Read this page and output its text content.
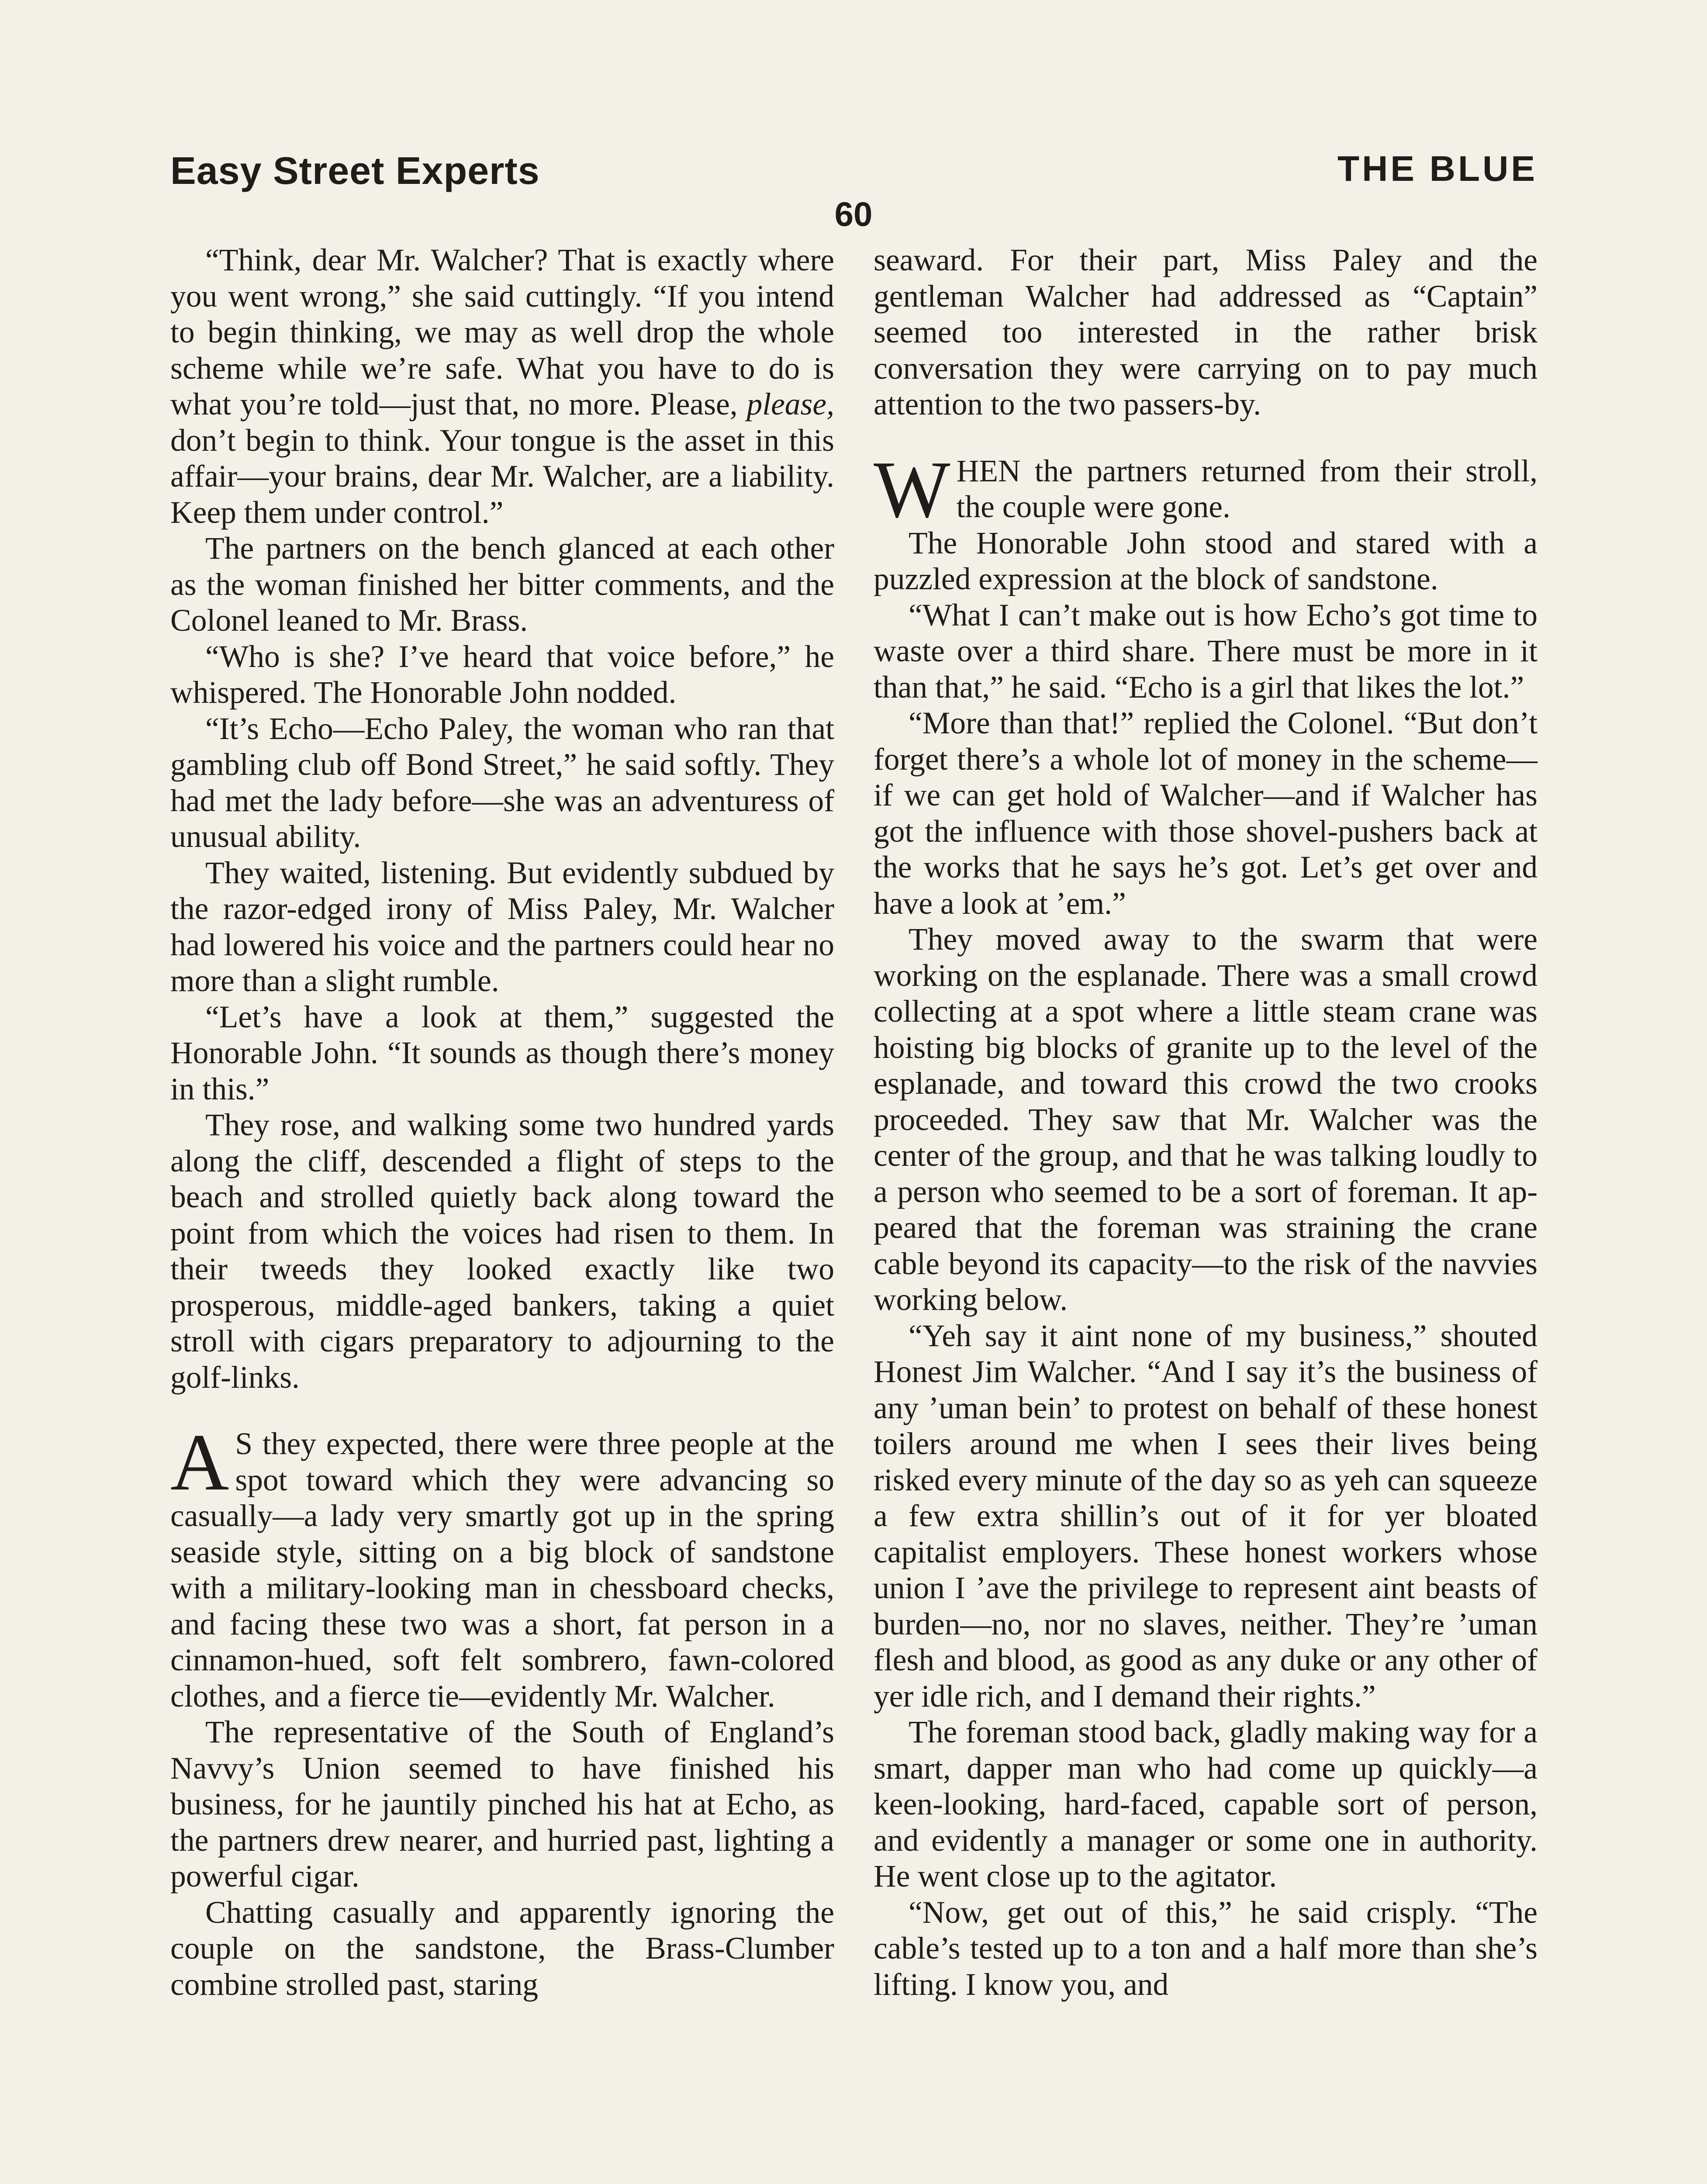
Easy Street Experts	THE BLUE
60

“Think, dear Mr. Walcher? That is exactly where you went wrong,” she said cuttingly. “If you intend to begin thinking, we may as well drop the whole scheme while we’re safe. What you have to do is what you’re told—just that, no more. Please, please, don’t begin to think. Your tongue is the asset in this affair—your brains, dear Mr. Walcher, are a liability. Keep them under control.”

The partners on the bench glanced at each other as the woman finished her bitter comments, and the Colonel leaned to Mr. Brass.

“Who is she? I’ve heard that voice before,” he whispered. The Honorable John nodded.

“It’s Echo—Echo Paley, the woman who ran that gambling club off Bond Street,” he said softly. They had met the lady before—she was an adventuress of unusual ability.

They waited, listening. But evidently subdued by the razor-edged irony of Miss Paley, Mr. Walcher had lowered his voice and the partners could hear no more than a slight rumble.

“Let’s have a look at them,” suggested the Honorable John. “It sounds as though there’s money in this.”

They rose, and walking some two hundred yards along the cliff, descended a flight of steps to the beach and strolled quietly back along toward the point from which the voices had risen to them. In their tweeds they looked exactly like two prosperous, middle-aged bankers, taking a quiet stroll with cigars preparatory to adjourning to the golf-links.

A S they expected, there were three people at the spot toward which they were advancing so casually—a lady very smartly got up in the spring seaside style, sitting on a big block of sandstone with a military-looking man in chessboard checks, and facing these two was a short, fat person in a cinnamon-hued, soft felt sombrero, fawn-colored clothes, and a fierce tie—evidently Mr. Walcher.

The representative of the South of England’s Navvy’s Union seemed to have finished his business, for he jauntily pinched his hat at Echo, as the partners drew nearer, and hurried past, lighting a powerful cigar.

Chatting casually and apparently ignoring the couple on the sandstone, the Brass-Clumber combine strolled past, staring

seaward. For their part, Miss Paley and the gentleman Walcher had addressed as “Captain” seemed too interested in the rather brisk conversation they were carrying on to pay much attention to the two passers-by.

WHEN the partners returned from their stroll, the couple were gone.

The Honorable John stood and stared with a puzzled expression at the block of sandstone.

“What I can’t make out is how Echo’s got time to waste over a third share. There must be more in it than that,” he said. “Echo is a girl that likes the lot.”

“More than that!” replied the Colonel. “But don’t forget there’s a whole lot of money in the scheme—if we can get hold of Walcher—and if Walcher has got the influence with those shovel-pushers back at the works that he says he’s got. Let’s get over and have a look at ’em.”

They moved away to the swarm that were working on the esplanade. There was a small crowd collecting at a spot where a little steam crane was hoisting big blocks of granite up to the level of the esplanade, and toward this crowd the two crooks proceeded. They saw that Mr. Walcher was the center of the group, and that he was talking loudly to a person who seemed to be a sort of foreman. It appeared that the foreman was straining the crane cable beyond its capacity—to the risk of the navvies working below.

“Yeh say it aint none of my business,” shouted Honest Jim Walcher. “And I say it’s the business of any ’uman bein’ to protest on behalf of these honest toilers around me when I sees their lives being risked every minute of the day so as yeh can squeeze a few extra shillin’s out of it for yer bloated capitalist employers. These honest workers whose union I ’ave the privilege to represent aint beasts of burden—no, nor no slaves, neither. They’re ’uman flesh and blood, as good as any duke or any other of yer idle rich, and I demand their rights.”

The foreman stood back, gladly making way for a smart, dapper man who had come up quickly—a keen-looking, hard-faced, capable sort of person, and evidently a manager or some one in authority. He went close up to the agitator.

“Now, get out of this,” he said crisply. “The cable’s tested up to a ton and a half more than she’s lifting. I know you, and
